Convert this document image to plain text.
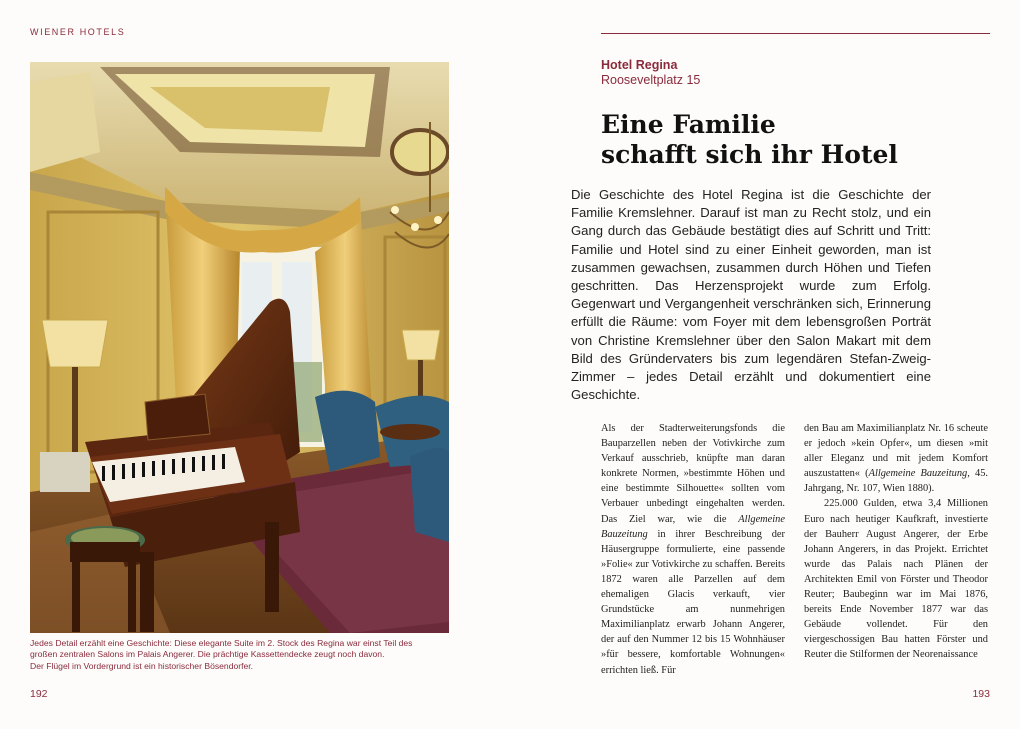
WIENER HOTELS

Jedes Detail erzählt eine Geschichte: Diese elegante Suite im 2. Stock des Regina war einst Teil des

großen zentralen Salons im Palais Angerer. Die prächtige Kassettendecke zeugt noch davon.

Der Flügel im Vordergrund ist ein historischer Bösendorfer.

192	193
Hotel Regina
Rooseveltplatz 15
Eine Familie
schafft sich ihr Hotel

Die Geschichte des Hotel Regina ist die Geschichte der Familie Kremslehner. Darauf ist man zu Recht stolz, und ein Gang durch das Gebäude bestätigt dies auf Schritt und Tritt: Familie und Hotel sind zu einer Einheit geworden, man ist zusammen gewachsen, zusammen durch Höhen und Tiefen geschritten. Das Herzensprojekt wurde zum Erfolg. Gegenwart und Vergangenheit verschränken sich, Erinnerung erfüllt die Räume: vom Foyer mit dem lebensgroßen Porträt von Christine Kremslehner über den Salon Makart mit dem Bild des Gründervaters bis zum legendären Stefan-Zweig-Zimmer – jedes Detail erzählt und dokumentiert eine Geschichte.

Als der Stadterweiterungsfonds die Bauparzellen neben der Votivkirche zum Verkauf ausschrieb, knüpfte man daran konkrete Normen, »bestimmte Höhen und eine bestimmte Silhouette« sollten vom Verbauer unbedingt eingehalten werden. Das Ziel war, wie die Allgemeine Bauzeitung in ihrer Beschreibung der Häusergruppe formulierte, eine passende »Folie« zur Votivkirche zu schaffen. Bereits 1872 waren alle Parzellen auf dem ehemaligen Glacis verkauft, vier Grundstücke am nunmehrigen Maximilianplatz erwarb Johann Angerer, der auf den Nummer 12 bis 15 Wohnhäuser »für bessere, komfortable Wohnungen« errichten ließ. Für

den Bau am Maximilianplatz Nr. 16 scheute er jedoch »kein Opfer«, um diesen »mit aller Eleganz und mit jedem Komfort auszustatten« (Allgemeine Bauzeitung, 45. Jahrgang, Nr. 107, Wien 1880).

225.000 Gulden, etwa 3,4 Millionen Euro nach heutiger Kaufkraft, investierte der Bauherr August Angerer, der Erbe Johann Angerers, in das Projekt. Errichtet wurde das Palais nach Plänen der Architekten Emil von Förster und Theodor Reuter; Baubeginn war im Mai 1876, bereits Ende November 1877 war das Gebäude vollendet. Für den viergeschossigen Bau hatten Förster und Reuter die Stilformen der Neorenaissance
